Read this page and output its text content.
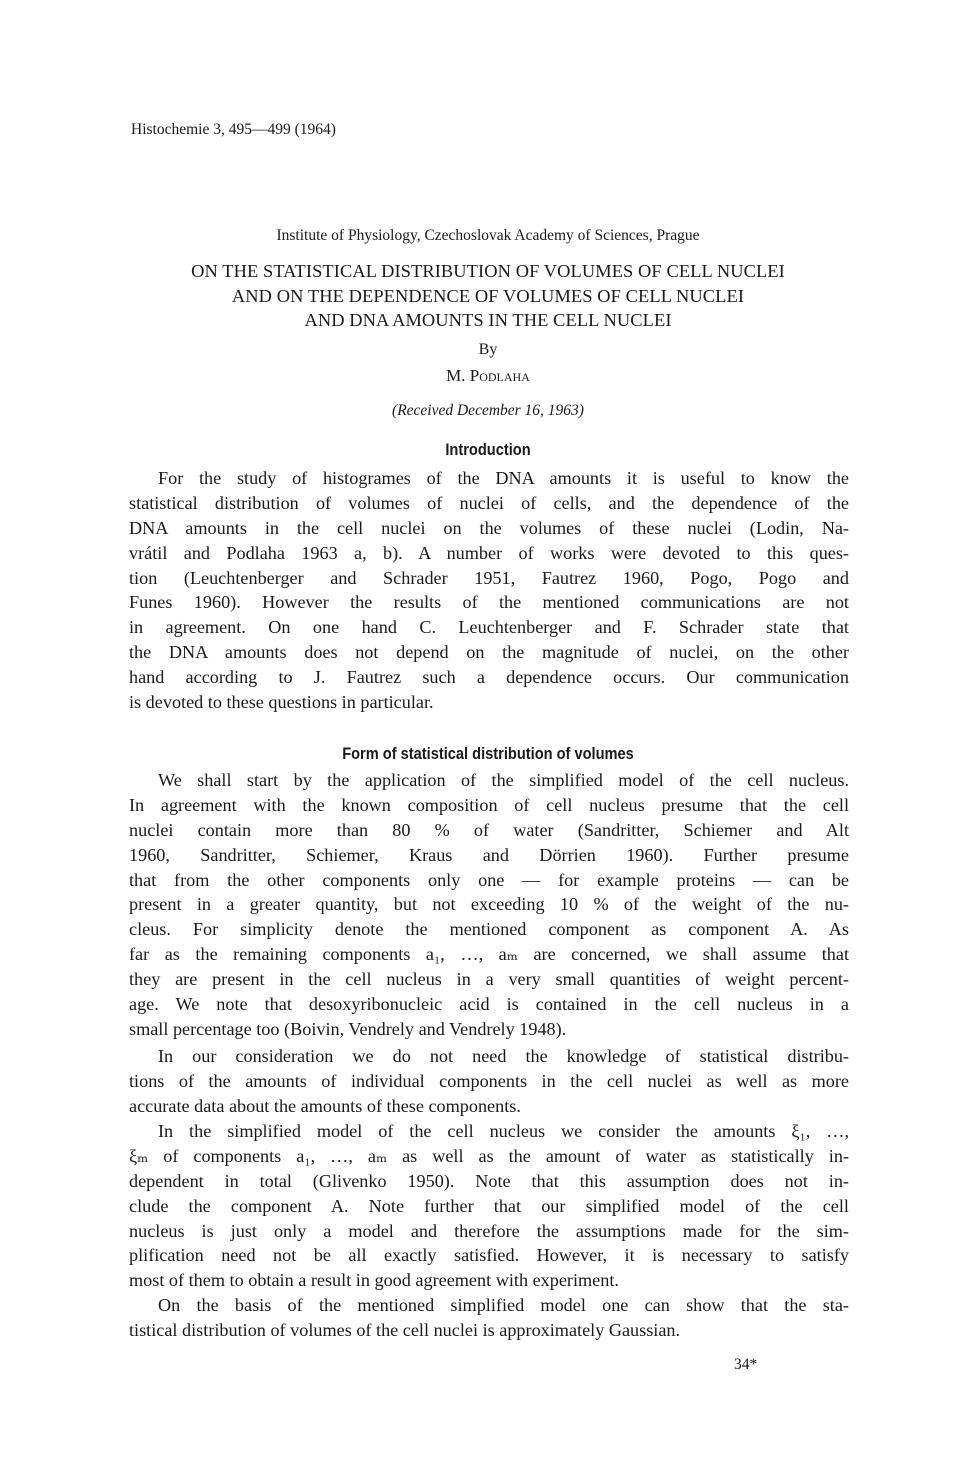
Histochemie 3, 495—499 (1964)
Institute of Physiology, Czechoslovak Academy of Sciences, Prague
ON THE STATISTICAL DISTRIBUTION OF VOLUMES OF CELL NUCLEI
AND ON THE DEPENDENCE OF VOLUMES OF CELL NUCLEI
AND DNA AMOUNTS IN THE CELL NUCLEI
By
M. Podlaha
(Received December 16, 1963)
Introduction
For the study of histogrames of the DNA amounts it is useful to know the
statistical distribution of volumes of nuclei of cells, and the dependence of the
DNA amounts in the cell nuclei on the volumes of these nuclei (Lodin, Na-
vrátil and Podlaha 1963 a, b). A number of works were devoted to this ques-
tion (Leuchtenberger and Schrader 1951, Fautrez 1960, Pogo, Pogo and
Funes 1960). However the results of the mentioned communications are not
in agreement. On one hand C. Leuchtenberger and F. Schrader state that
the DNA amounts does not depend on the magnitude of nuclei, on the other
hand according to J. Fautrez such a dependence occurs. Our communication
is devoted to these questions in particular.
Form of statistical distribution of volumes
We shall start by the application of the simplified model of the cell nucleus.
In agreement with the known composition of cell nucleus presume that the cell
nuclei contain more than 80 % of water (Sandritter, Schiemer and Alt
1960, Sandritter, Schiemer, Kraus and Dörrien 1960). Further presume
that from the other components only one — for example proteins — can be
present in a greater quantity, but not exceeding 10 % of the weight of the nu-
cleus. For simplicity denote the mentioned component as component A. As
far as the remaining components a₁, …, aₘ are concerned, we shall assume that
they are present in the cell nucleus in a very small quantities of weight percent-
age. We note that desoxyribonucleic acid is contained in the cell nucleus in a
small percentage too (Boivin, Vendrely and Vendrely 1948).
In our consideration we do not need the knowledge of statistical distribu-
tions of the amounts of individual components in the cell nuclei as well as more
accurate data about the amounts of these components.
In the simplified model of the cell nucleus we consider the amounts ξ₁, …,
ξₘ of components a₁, …, aₘ as well as the amount of water as statistically in-
dependent in total (Glivenko 1950). Note that this assumption does not in-
clude the component A. Note further that our simplified model of the cell
nucleus is just only a model and therefore the assumptions made for the sim-
plification need not be all exactly satisfied. However, it is necessary to satisfy
most of them to obtain a result in good agreement with experiment.
On the basis of the mentioned simplified model one can show that the sta-
tistical distribution of volumes of the cell nuclei is approximately Gaussian.
34*
